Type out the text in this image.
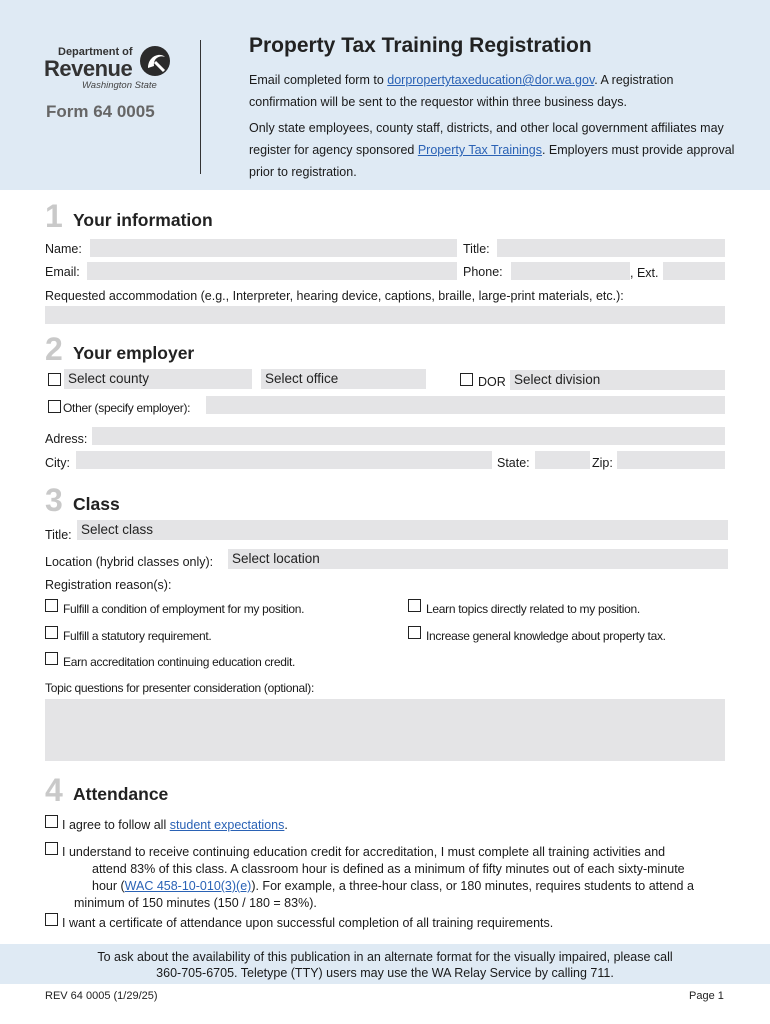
Department of
Revenue
Washington State
Form 64 0005
Property Tax Training Registration
Email completed form to dorpropertytaxeducation@dor.wa.gov. A registration confirmation will be sent to the requestor within three business days.
Only state employees, county staff, districts, and other local government affiliates may register for agency sponsored Property Tax Trainings. Employers must provide approval prior to registration.
1 Your information
Name:	Title:
Email:	Phone:	, Ext.
Requested accommodation (e.g., Interpreter, hearing device, captions, braille, large-print materials, etc.):
2 Your employer
Select county	Select office	DOR Select division
Other (specify employer):
Adress:
City:	State:	Zip:
3 Class
Title: Select class
Location (hybrid classes only): Select location
Registration reason(s):
Fulfill a condition of employment for my position.	Learn topics directly related to my position.
Fulfill a statutory requirement.	Increase general knowledge about property tax.
Earn accreditation continuing education credit.
Topic questions for presenter consideration (optional):
4 Attendance
I agree to follow all student expectations.
I understand to receive continuing education credit for accreditation, I must complete all training activities and
attend 83% of this class. A classroom hour is defined as a minimum of fifty minutes out of each sixty-minute
hour (WAC 458-10-010(3)(e)). For example, a three-hour class, or 180 minutes, requires students to attend a
minimum of 150 minutes (150 / 180 = 83%).
I want a certificate of attendance upon successful completion of all training requirements.
To ask about the availability of this publication in an alternate format for the visually impaired, please call
360-705-6705. Teletype (TTY) users may use the WA Relay Service by calling 711.
REV 64 0005 (1/29/25)	Page 1
